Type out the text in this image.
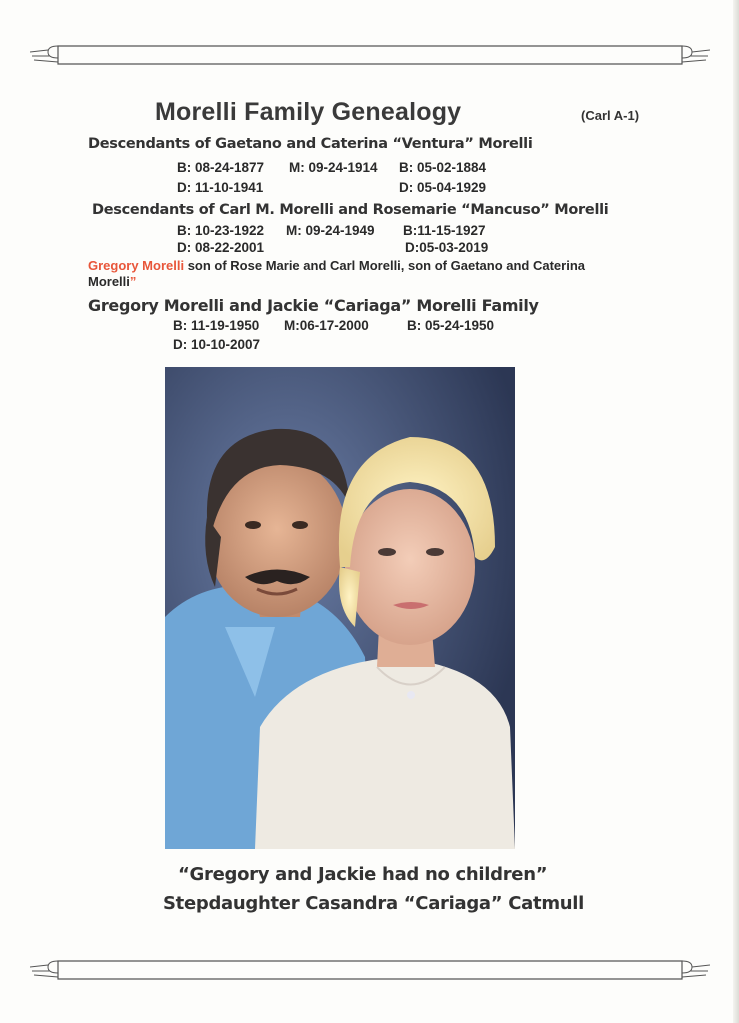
Morelli Family Genealogy	(Carl A-1)
Descendants of Gaetano and Caterina “Ventura” Morelli
B: 08-24-1877 M: 09-24-1914 B: 05-02-1884
D: 11-10-1941	D: 05-04-1929
Descendants of Carl M. Morelli and Rosemarie “Mancuso” Morelli
B: 10-23-1922 M: 09-24-1949 B:11-15-1927
D: 08-22-2001	D:05-03-2019
Gregory Morelli son of Rose Marie and Carl Morelli, son of Gaetano and Caterina
Morelli”
Gregory Morelli and Jackie “Cariaga” Morelli Family
B: 11-19-1950 M:06-17-2000	B: 05-24-1950
D: 10-10-2007
“Gregory and Jackie had no children”
Stepdaughter Casandra “Cariaga” Catmull
